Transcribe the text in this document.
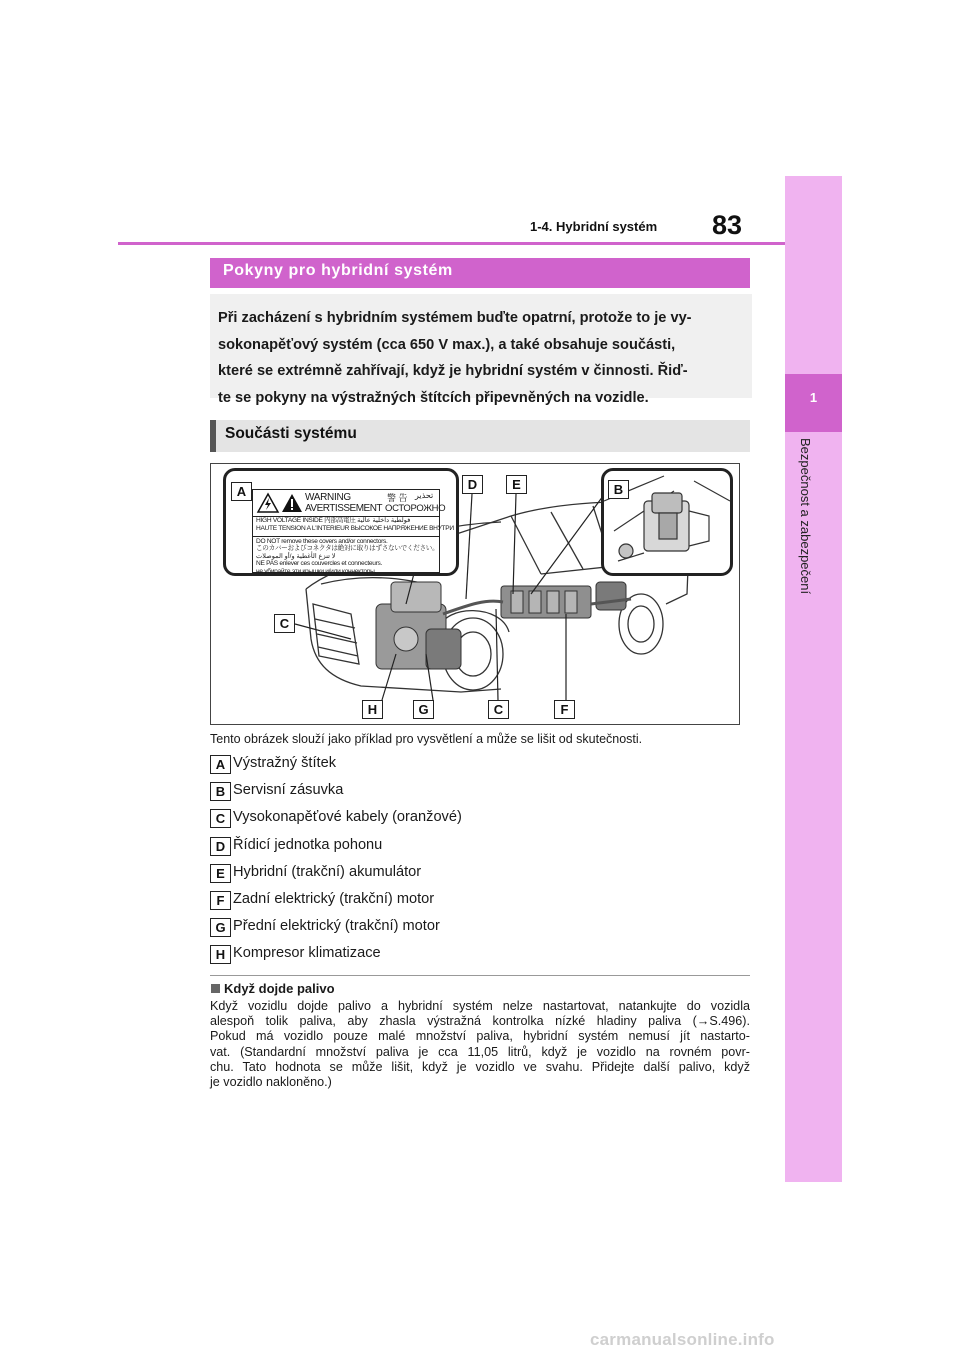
1
Bezpečnost a zabezpečení
1-4. Hybridní systém 83
Pokyny pro hybridní systém

Při zacházení s hybridním systémem buďte opatrní, protože to je vy-
sokonapěťový systém (cca 650 V max.), a také obsahuje součásti,
které se extrémně zahřívají, když je hybridní systém v činnosti. Řiď-
te se pokyny na výstražných štítcích připevněných na vozidle.

Součásti systému
WARNING
AVERTISSEMENT
警 告 تحذير
ОСТОРОЖНО
HIGH VOLTAGE INSIDE 内部高電圧 فولطية داخلية عالية
HAUTE TENSION A L'INTERIEUR ВЫСОКОЕ НАПРЯЖЕНИЕ ВНУТРИ
DO NOT remove these covers and/or connectors.
このカバーおよびコネクタは絶対に取りはずさないでください。
لا تنزع الأغطية و/أو الموصلات
NE PAS enlever ces couvercles et connecteurs.
не убирайте эти крышки и/или коннекторы.
A	B
D	E
C
H	G	C	F
Tento obrázek slouží jako příklad pro vysvětlení a může se lišit od skutečnosti.
A Výstražný štítek
B Servisní zásuvka
C Vysokonapěťové kabely (oranžové)
D Řídicí jednotka pohonu
E Hybridní (trakční) akumulátor
F Zadní elektrický (trakční) motor
G Přední elektrický (trakční) motor
H Kompresor klimatizace
Když dojde palivo

Když vozidlu dojde palivo a hybridní systém nelze nastartovat, natankujte do vozidla
alespoň tolik paliva, aby zhasla výstražná kontrolka nízké hladiny paliva (→S.496).
Pokud má vozidlo pouze malé množství paliva, hybridní systém nemusí jít nastarto-
vat. (Standardní množství paliva je cca 11,05 litrů, když je vozidlo na rovném povr-
chu. Tato hodnota se může lišit, když je vozidlo ve svahu. Přidejte další palivo, když
je vozidlo nakloněno.)

carmanualsonline.info
